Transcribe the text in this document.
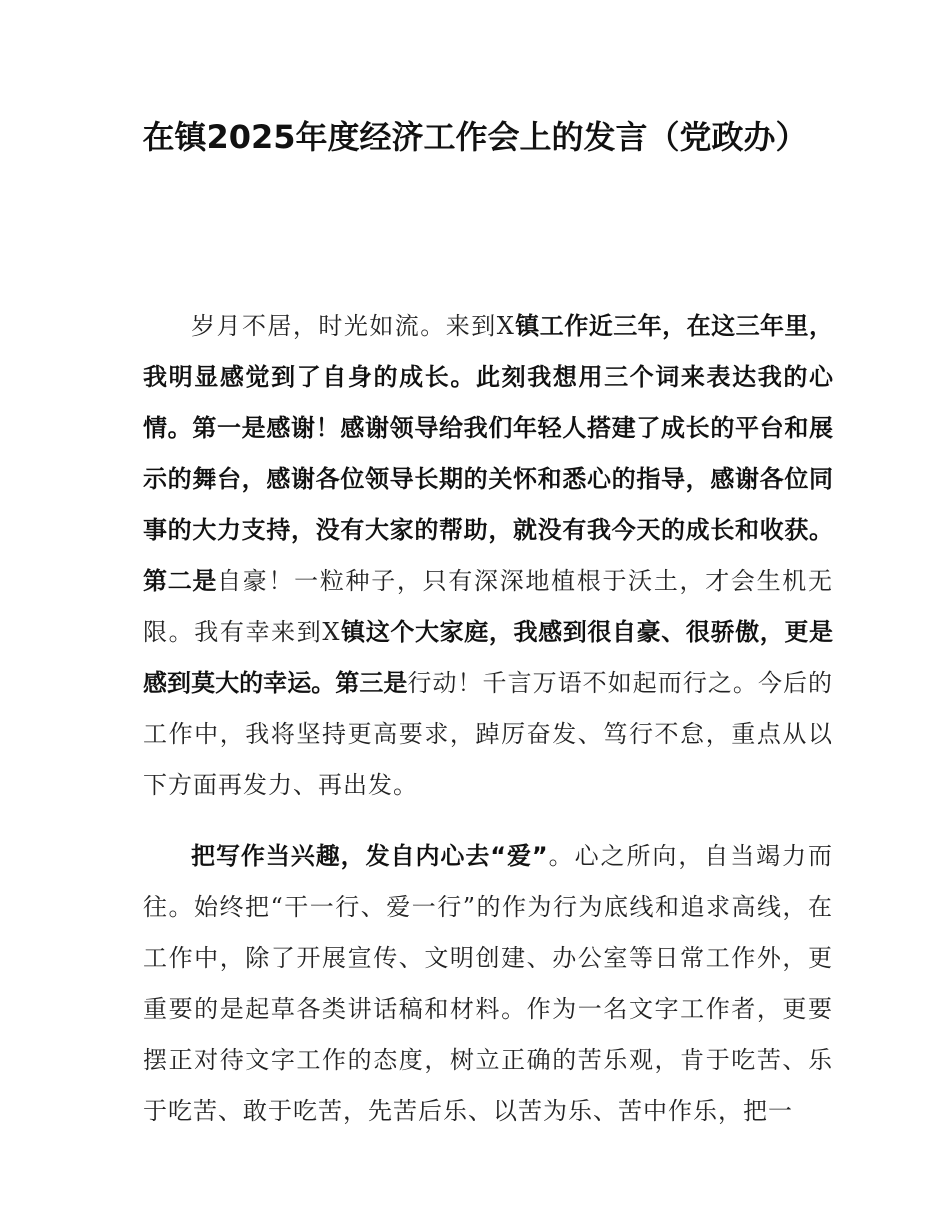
在镇2025年度经济工作会上的发言（党政办）

岁月不居，时光如流。来到X镇工作近三年，在这三年里，我明显感觉到了自身的成长。此刻我想用三个词来表达我的心情。第一是感谢！感谢领导给我们年轻人搭建了成长的平台和展示的舞台，感谢各位领导长期的关怀和悉心的指导，感谢各位同事的大力支持，没有大家的帮助，就没有我今天的成长和收获。第二是自豪！一粒种子，只有深深地植根于沃土，才会生机无限。我有幸来到X镇这个大家庭，我感到很自豪、很骄傲，更是感到莫大的幸运。第三是行动！千言万语不如起而行之。今后的工作中，我将坚持更高要求，踔厉奋发、笃行不怠，重点从以下方面再发力、再出发。

把写作当兴趣，发自内心去“爱”。心之所向，自当竭力而往。始终把“干一行、爱一行”的作为行为底线和追求高线，在工作中，除了开展宣传、文明创建、办公室等日常工作外，更重要的是起草各类讲话稿和材料。作为一名文字工作者，更要摆正对待文字工作的态度，树立正确的苦乐观，肯于吃苦、乐于吃苦、敢于吃苦，先苦后乐、以苦为乐、苦中作乐，把一
